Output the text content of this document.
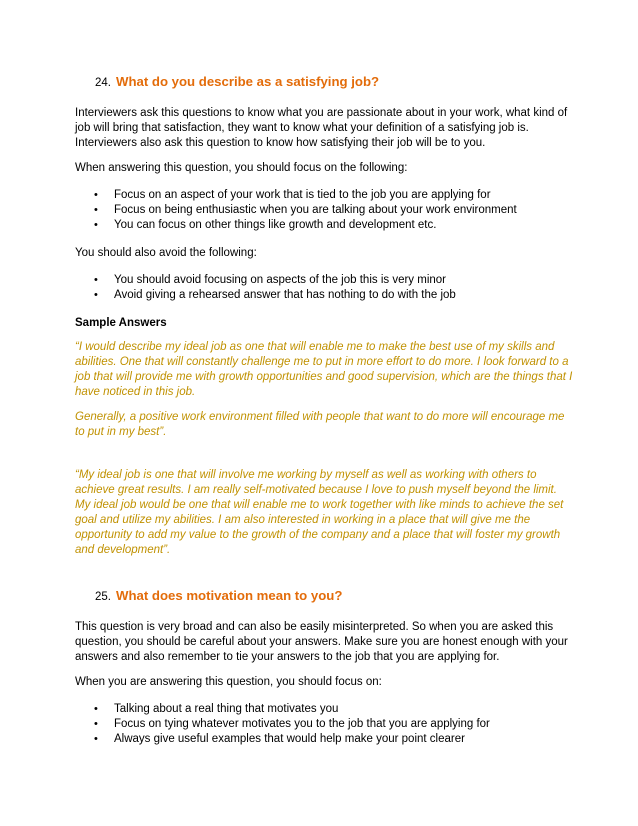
24. What do you describe as a satisfying job?

Interviewers ask this questions to know what you are passionate about in your work, what kind of job will bring that satisfaction, they want to know what your definition of a satisfying job is. Interviewers also ask this question to know how satisfying their job will be to you.

When answering this question, you should focus on the following:

• Focus on an aspect of your work that is tied to the job you are applying for
• Focus on being enthusiastic when you are talking about your work environment
• You can focus on other things like growth and development etc.

You should also avoid the following:

• You should avoid focusing on aspects of the job this is very minor
• Avoid giving a rehearsed answer that has nothing to do with the job

Sample Answers

“I would describe my ideal job as one that will enable me to make the best use of my skills and abilities. One that will constantly challenge me to put in more effort to do more. I look forward to a job that will provide me with growth opportunities and good supervision, which are the things that I have noticed in this job.

Generally, a positive work environment filled with people that want to do more will encourage me to put in my best”.

“My ideal job is one that will involve me working by myself as well as working with others to achieve great results. I am really self-motivated because I love to push myself beyond the limit. My ideal job would be one that will enable me to work together with like minds to achieve the set goal and utilize my abilities. I am also interested in working in a place that will give me the opportunity to add my value to the growth of the company and a place that will foster my growth and development”.

25. What does motivation mean to you?

This question is very broad and can also be easily misinterpreted. So when you are asked this question, you should be careful about your answers. Make sure you are honest enough with your answers and also remember to tie your answers to the job that you are applying for.

When you are answering this question, you should focus on:

• Talking about a real thing that motivates you
• Focus on tying whatever motivates you to the job that you are applying for
• Always give useful examples that would help make your point clearer
